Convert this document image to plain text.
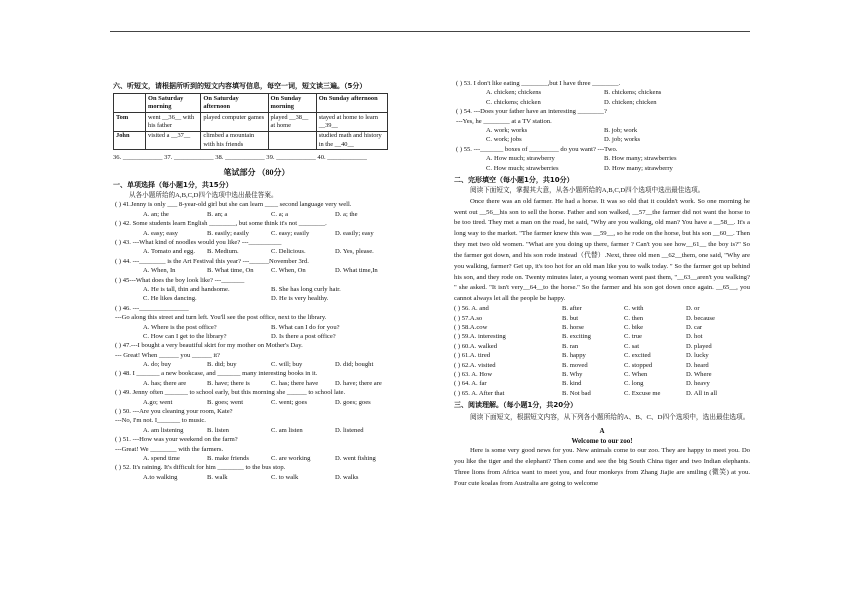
六、听短文，请根据所听到的短文内容填写信息，每空一词，短文读三遍。（5分）
	On Saturday morning	On Saturday afternoon	On Sunday morning	On Sunday afternoon
Tom	went __36__ with his father	played computer games	played __38__ at home	stayed at home to learn __39__
John	visited a __37__	climbed a mountain with his friends		studied math and history in the __40__
36. ____________ 37. ____________ 38. ____________ 39. ____________ 40. ____________
笔试部分 （80分）
一、单项选择（每小题1分，共15分）
从各小题所给的A,B,C,D四个选项中选出最佳答案。
( ) 41.Jenny is only ___ 8-year-old girl but she can learn ____ second language very well.
A. an; the	B. an; a	C. a; a	D. a; the
( ) 42. Some students learn English ________, but some think it's not ________.
A. easy; easy	B. easily; easily	C. easy; easily	D. easily; easy
( ) 43. ---What kind of noodles would you like? ---__________
A. Tomato and egg.	B. Medium.	C. Delicious.	D. Yes, please.
( ) 44. ---________ is the Art Festival this year? ---______November 3rd.
A. When, In	B. What time, On	C. When, On	D. What time,In
( ) 45---What does the boy look like? ---_______
A. He is tall, thin and handsome.	B. She has long curly hair.
C. He likes dancing.	D. He is very healthy.
( ) 46. ---_______________
---Go along this street and turn left. You'll see the post office, next to the library.
A. Where is the post office?	B. What can I do for you?
C. How can I get to the library?	D. Is there a post office?
( ) 47.---I bought a very beautiful skirt for my mother on Mother's Day.
--- Great! When ______ you ______ it?
A. do; buy	B. did; buy	C. will; buy	D. did; bought
( ) 48. I _______ a new bookcase, and _______ many interesting books in it.
A. has; there are	B. have; there is	C. has; there have	D. have; there are
( ) 49. Jenny often _______ to school early, but this morning she ______ to school late.
A.go; went	B. goes; went	C. went; goes	D. goes; goes
( ) 50. ---Are you cleaning your room, Kate?
---No, I'm not. I_______ to music.
A. am listening	B. listen	C. am listen	D. listened
( ) 51. ---How was your weekend on the farm?
---Great! We ________ with the farmers.
A. spend time	B. make friends	C. are working	D. went fishing
( ) 52. It's raining. It's difficult for him ________ to the bus stop.
A.to walking	B. walk	C. to walk	D. walks
( ) 53. I don't like eating ________,but I have three ________.
A. chicken; chickens	B. chickens; chickens
C. chickens; chicken	D. chicken; chicken
( ) 54. ---Does your father have an interesting ________?
---Yes, he ________ at a TV station.
A. work; works	B. job; work
C. work; jobs	D. job; works
( ) 55. ---_______ boxes of _________ do you want? ---Two.
A. How much; strawberry	B. How many; strawberries
C. How much; strawberries	D. How many; strawberry
二、完形填空（每小题1分，共10分）
阅读下面短文，掌握其大意，从各小题所给的A,B,C,D四个选项中选出最佳选项。
Once there was an old farmer. He had a horse. It was so old that it couldn't work. So one morning he went out __56__his son to sell the horse. Father and son walked, __57__the farmer did not want the horse to be too tired. They met a man on the road, he said, "Why are you walking, old man? You have a __58__. It's a long way to the market. "The farmer knew this was __59__, so he rode on the horse, but his son __60__. Then they met two old women. "What are you doing up there, farmer ? Can't you see how__61__ the boy is?" So the farmer got down, and his son rode instead（代替）.Next, three old men __62__them, one said, "Why are you walking, farmer? Get up, it's too hot for an old man like you to walk today. " So the farmer got up behind his son, and they rode on. Twenty minutes later, a young woman went past them, "__63__aren't you walking? " she asked. "It isn't very__64__to the horse." So the farmer and his son got down once again. __65__, you cannot always let all the people be happy.
( ) 56. A. and	B. after	C. with	D. or
( ) 57.A.so	B. but	C. then	D. because
( ) 58.A.cow	B. horse	C. bike	D. car
( ) 59.A. interesting	B. exciting	C. true	D. hot
( ) 60.A. walked	B. ran	C. sat	D. played
( ) 61.A. tired	B. happy	C. excited	D. lucky
( ) 62.A. visited	B. moved	C. stopped	D. heard
( ) 63. A. How	B. Why	C. When	D. Where
( ) 64. A. far	B. kind	C. long	D. heavy
( ) 65. A. After that	B. Not bad	C. Excuse me	D. All in all
三、阅读理解。（每小题1分，共20分）
阅读下面短文，根据短文内容，从下列各小题所给的A、B、C、D四个选项中，选出最佳选项。
A
Welcome to our zoo!
Here is some very good news for you. New animals come to our zoo. They are happy to meet you. Do you like the tiger and the elephant? Then come and see the big South China tiger and two Indian elephants. Three lions from Africa want to meet you, and four monkeys from Zhang Jiajie are smiling (微笑) at you. Four cute koalas from Australia are going to welcome
